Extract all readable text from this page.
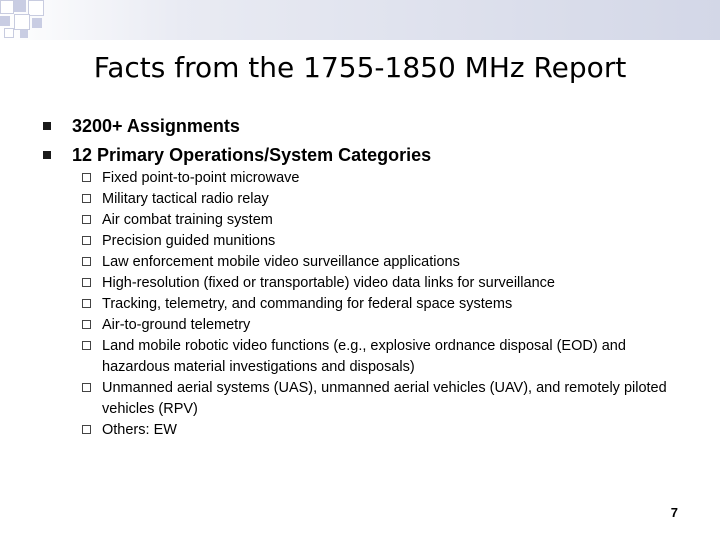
Facts from the 1755-1850 MHz Report
3200+ Assignments
12 Primary Operations/System Categories
Fixed point-to-point microwave
Military tactical radio relay
Air combat training system
Precision guided munitions
Law enforcement mobile video surveillance applications
High-resolution (fixed or transportable) video data links for surveillance
Tracking, telemetry, and commanding for federal space systems
Air-to-ground telemetry
Land mobile robotic video functions (e.g., explosive ordnance disposal (EOD) and hazardous material investigations and disposals)
Unmanned aerial systems (UAS), unmanned aerial vehicles (UAV), and remotely piloted vehicles (RPV)
Others: EW
7
